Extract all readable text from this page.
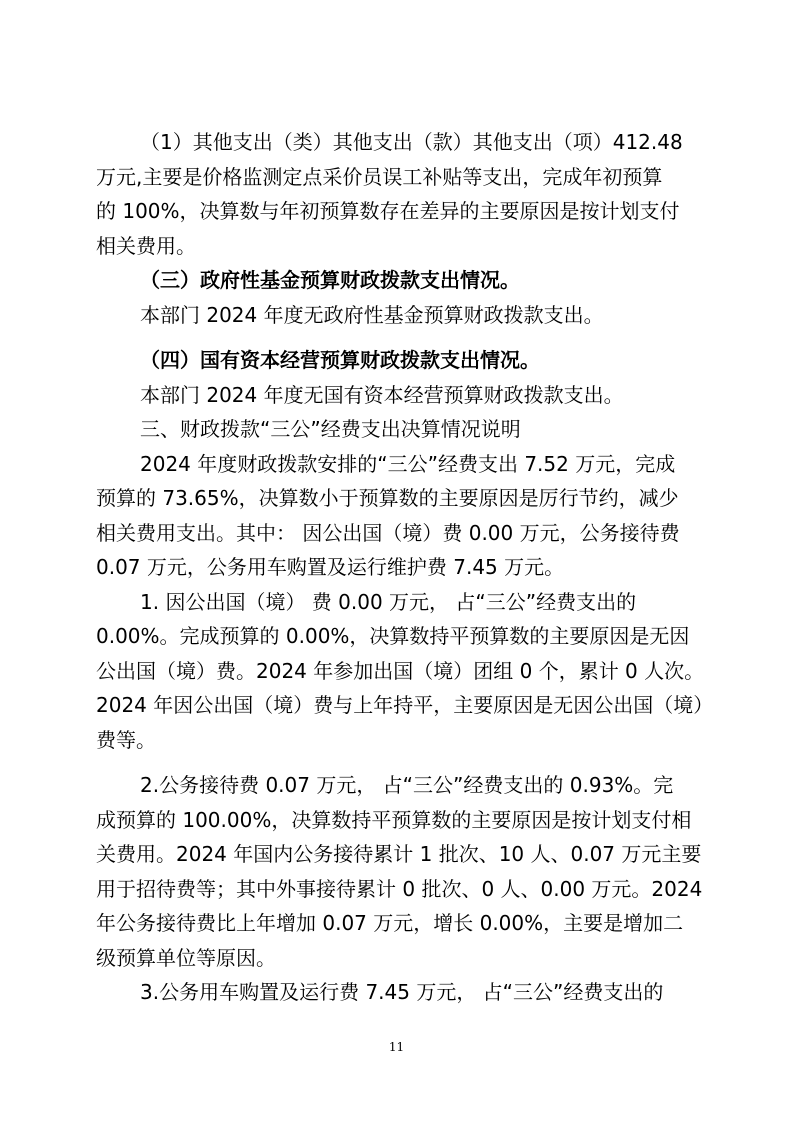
（1）其他支出（类）其他支出（款）其他支出（项）412.48
万元,主要是价格监测定点采价员误工补贴等支出，完成年初预算
的 100%，决算数与年初预算数存在差异的主要原因是按计划支付
相关费用。
（三）政府性基金预算财政拨款支出情况。
本部门 2024 年度无政府性基金预算财政拨款支出。
（四）国有资本经营预算财政拨款支出情况。
本部门 2024 年度无国有资本经营预算财政拨款支出。
三、财政拨款“三公”经费支出决算情况说明
2024 年度财政拨款安排的“三公”经费支出 7.52 万元，完成
预算的 73.65%，决算数小于预算数的主要原因是厉行节约，减少
相关费用支出。其中： 因公出国（境）费 0.00 万元，公务接待费
0.07 万元，公务用车购置及运行维护费 7.45 万元。
1. 因公出国（境） 费 0.00 万元， 占“三公”经费支出的
0.00%。完成预算的 0.00%，决算数持平预算数的主要原因是无因
公出国（境）费。2024 年参加出国（境）团组 0 个，累计 0 人次。
2024 年因公出国（境）费与上年持平，主要原因是无因公出国（境）
费等。
2.公务接待费 0.07 万元， 占“三公”经费支出的 0.93%。完
成预算的 100.00%，决算数持平预算数的主要原因是按计划支付相
关费用。2024 年国内公务接待累计 1 批次、10 人、0.07 万元主要
用于招待费等；其中外事接待累计 0 批次、0 人、0.00 万元。2024
年公务接待费比上年增加 0.07 万元，增长 0.00%，主要是增加二
级预算单位等原因。
3.公务用车购置及运行费 7.45 万元， 占“三公”经费支出的
11
